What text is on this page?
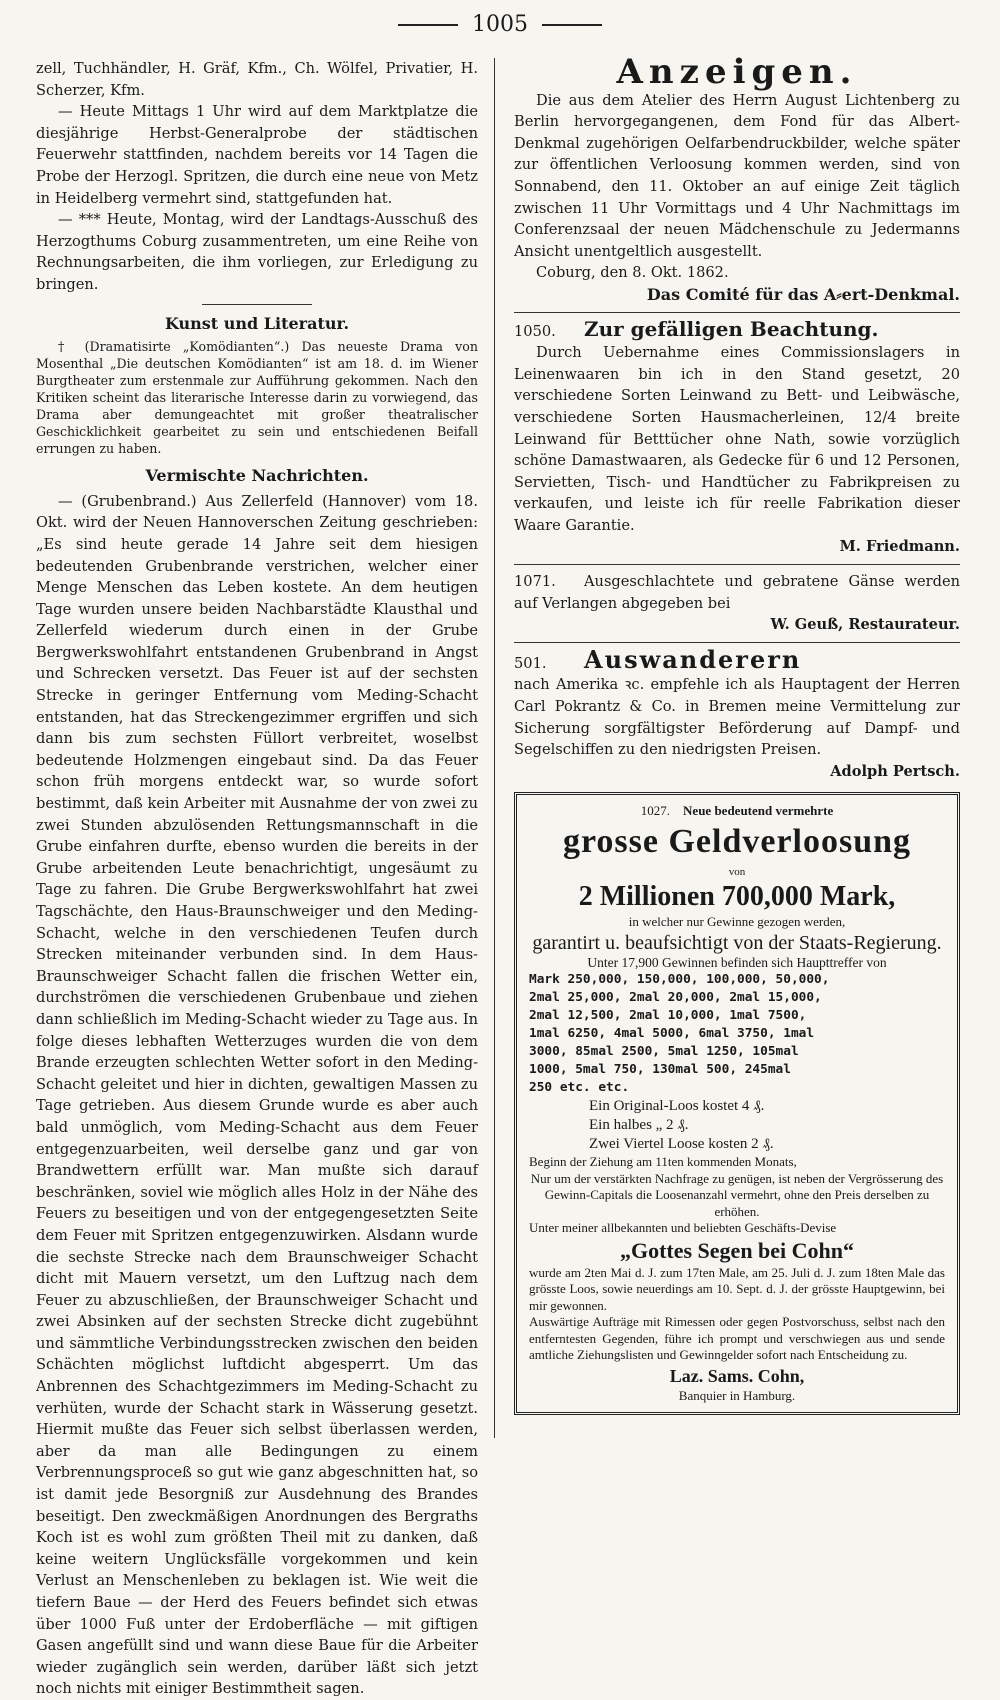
1005

zell, Tuchhändler, H. Gräf, Kfm., Ch. Wölfel, Privatier, H. Scherzer, Kfm.

— Heute Mittags 1 Uhr wird auf dem Marktplatze die diesjährige Herbst-Generalprobe der städtischen Feuerwehr stattfinden, nachdem bereits vor 14 Tagen die Probe der Herzogl. Spritzen, die durch eine neue von Metz in Heidelberg vermehrt sind, stattgefunden hat.

— *** Heute, Montag, wird der Landtags-Ausschuß des Herzogthums Coburg zusammentreten, um eine Reihe von Rechnungsarbeiten, die ihm vorliegen, zur Erledigung zu bringen.

Kunst und Literatur.

† (Dramatisirte „Komödianten“.) Das neueste Drama von Mosenthal „Die deutschen Komödianten“ ist am 18. d. im Wiener Burgtheater zum erstenmale zur Aufführung gekommen. Nach den Kritiken scheint das literarische Interesse darin zu vorwiegend, das Drama aber demungeachtet mit großer theatralischer Geschicklichkeit gearbeitet zu sein und entschiedenen Beifall errungen zu haben.

Vermischte Nachrichten.

— (Grubenbrand.) Aus Zellerfeld (Hannover) vom 18. Okt. wird der Neuen Hannoverschen Zeitung geschrieben: „Es sind heute gerade 14 Jahre seit dem hiesigen bedeutenden Grubenbrande verstrichen, welcher einer Menge Menschen das Leben kostete. An dem heutigen Tage wurden unsere beiden Nachbarstädte Klausthal und Zellerfeld wiederum durch einen in der Grube Bergwerkswohlfahrt entstandenen Grubenbrand in Angst und Schrecken versetzt. Das Feuer ist auf der sechsten Strecke in geringer Entfernung vom Meding-Schacht entstanden, hat das Streckengezimmer ergriffen und sich dann bis zum sechsten Füllort verbreitet, woselbst bedeutende Holzmengen eingebaut sind. Da das Feuer schon früh morgens entdeckt war, so wurde sofort bestimmt, daß kein Arbeiter mit Ausnahme der von zwei zu zwei Stunden abzulösenden Rettungsmannschaft in die Grube einfahren durfte, ebenso wurden die bereits in der Grube arbeitenden Leute benachrichtigt, ungesäumt zu Tage zu fahren. Die Grube Bergwerkswohlfahrt hat zwei Tagschächte, den Haus-Braunschweiger und den Meding-Schacht, welche in den verschiedenen Teufen durch Strecken miteinander verbunden sind. In dem Haus-Braunschweiger Schacht fallen die frischen Wetter ein, durchströmen die verschiedenen Grubenbaue und ziehen dann schließlich im Meding-Schacht wieder zu Tage aus. In folge dieses lebhaften Wetterzuges wurden die von dem Brande erzeugten schlechten Wetter sofort in den Meding-Schacht geleitet und hier in dichten, gewaltigen Massen zu Tage getrieben. Aus diesem Grunde wurde es aber auch bald unmöglich, vom Meding-Schacht aus dem Feuer entgegenzuarbeiten, weil derselbe ganz und gar von Brandwettern erfüllt war. Man mußte sich darauf beschränken, soviel wie möglich alles Holz in der Nähe des Feuers zu beseitigen und von der entgegengesetzten Seite dem Feuer mit Spritzen entgegenzuwirken. Alsdann wurde die sechste Strecke nach dem Braunschweiger Schacht dicht mit Mauern versetzt, um den Luftzug nach dem Feuer zu abzuschließen, der Braunschweiger Schacht und zwei Absinken auf der sechsten Strecke dicht zugebühnt und sämmtliche Verbindungsstrecken zwischen den beiden Schächten möglichst luftdicht abgesperrt. Um das Anbrennen des Schachtgezimmers im Meding-Schacht zu verhüten, wurde der Schacht stark in Wässerung gesetzt. Hiermit mußte das Feuer sich selbst überlassen werden, aber da man alle Bedingungen zu einem Verbrennungsproceß so gut wie ganz abgeschnitten hat, so ist damit jede Besorgniß zur Ausdehnung des Brandes beseitigt. Den zweckmäßigen Anordnungen des Bergraths Koch ist es wohl zum größten Theil mit zu danken, daß keine weitern Unglücksfälle vorgekommen und kein Verlust an Menschenleben zu beklagen ist. Wie weit die tiefern Baue — der Herd des Feuers befindet sich etwas über 1000 Fuß unter der Erdoberfläche — mit giftigen Gasen angefüllt sind und wann diese Baue für die Arbeiter wieder zugänglich sein werden, darüber läßt sich jetzt noch nichts mit einiger Bestimmtheit sagen.

Anzeigen.

Die aus dem Atelier des Herrn August Lichtenberg zu Berlin hervorgegangenen, dem Fond für das Albert-Denkmal zugehörigen Oelfarbendruckbilder, welche später zur öffentlichen Verloosung kommen werden, sind von Sonnabend, den 11. Oktober an auf einige Zeit täglich zwischen 11 Uhr Vormittags und 4 Uhr Nachmittags im Conferenzsaal der neuen Mädchenschule zu Jedermanns Ansicht unentgeltlich ausgestellt.

Coburg, den 8. Okt. 1862.

Das Comité für das A⸗ert-Denkmal.

1050. Zur gefälligen Beachtung.

Durch Uebernahme eines Commissionslagers in Leinenwaaren bin ich in den Stand gesetzt, 20 verschiedene Sorten Leinwand zu Bett- und Leibwäsche, verschiedene Sorten Hausmacherleinen, 12/4 breite Leinwand für Betttücher ohne Nath, sowie vorzüglich schöne Damastwaaren, als Gedecke für 6 und 12 Personen, Servietten, Tisch- und Handtücher zu Fabrikpreisen zu verkaufen, und leiste ich für reelle Fabrikation dieser Waare Garantie.

M. Friedmann.

1071. Ausgeschlachtete und gebratene Gänse werden auf Verlangen abgegeben bei

W. Geuß, Restaurateur.

501. Auswanderern

nach Amerika ꝛc. empfehle ich als Hauptagent der Herren Carl Pokrantz & Co. in Bremen meine Vermittelung zur Sicherung sorgfältigster Beförderung auf Dampf- und Segelschiffen zu den niedrigsten Preisen.

Adolph Pertsch.

1027. Neue bedeutend vermehrte

grosse Geldverloosung

von

2 Millionen 700,000 Mark,

in welcher nur Gewinne gezogen werden,

garantirt u. beaufsichtigt von der Staats-Regierung.

Unter 17,900 Gewinnen befinden sich Haupttreffer von

Mark 250,000, 150,000, 100,000, 50,000,

2mal 25,000, 2mal 20,000, 2mal 15,000,

2mal 12,500, 2mal 10,000, 1mal 7500,

1mal 6250, 4mal 5000, 6mal 3750, 1mal

3000, 85mal 2500, 5mal 1250, 105mal

1000, 5mal 750, 130mal 500, 245mal

250 etc. etc.

Ein Original-Loos kostet 4 ₰.

Ein halbes „ 2 ₰.

Zwei Viertel Loose kosten 2 ₰.

Beginn der Ziehung am 11ten kommenden Monats,

Nur um der verstärkten Nachfrage zu genügen, ist neben der Vergrösserung des Gewinn-Capitals die Loosenanzahl vermehrt, ohne den Preis derselben zu erhöhen.

Unter meiner allbekannten und beliebten Geschäfts-Devise

„Gottes Segen bei Cohn“

wurde am 2ten Mai d. J. zum 17ten Male, am 25. Juli d. J. zum 18ten Male das grösste Loos, sowie neuerdings am 10. Sept. d. J. der grösste Hauptgewinn, bei mir gewonnen.

Auswärtige Aufträge mit Rimessen oder gegen Postvorschuss, selbst nach den entferntesten Gegenden, führe ich prompt und verschwiegen aus und sende amtliche Ziehungslisten und Gewinngelder sofort nach Entscheidung zu.

Laz. Sams. Cohn,

Banquier in Hamburg.
